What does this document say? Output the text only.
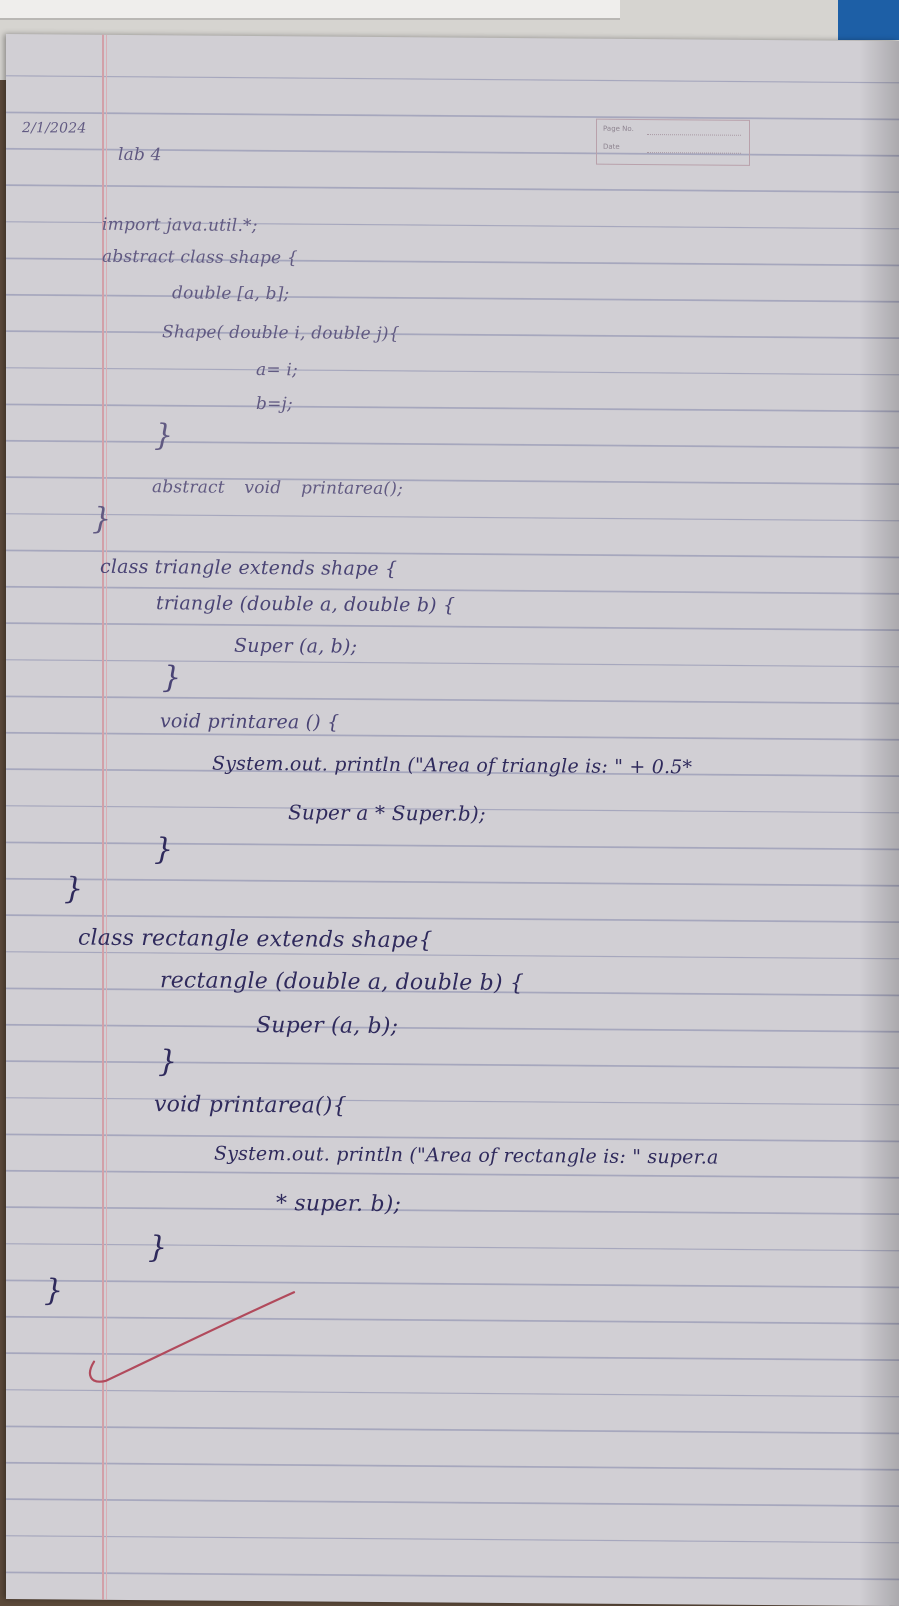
Page No.
Date
2/1/2024
lab 4
import java.util.*;
abstract class shape {
double [a, b];
Shape( double i, double j){
a= i;
b=j;
}
abstract void printarea();
}
class triangle extends shape {
triangle (double a, double b) {
Super (a, b);
}
void printarea () {
System.out. println ("Area of triangle is: " + 0.5*
Super a * Super.b);
}
}
class rectangle extends shape{
rectangle (double a, double b) {
Super (a, b);
}
void printarea(){
System.out. println ("Area of rectangle is: " super.a
* super. b);
}
}
